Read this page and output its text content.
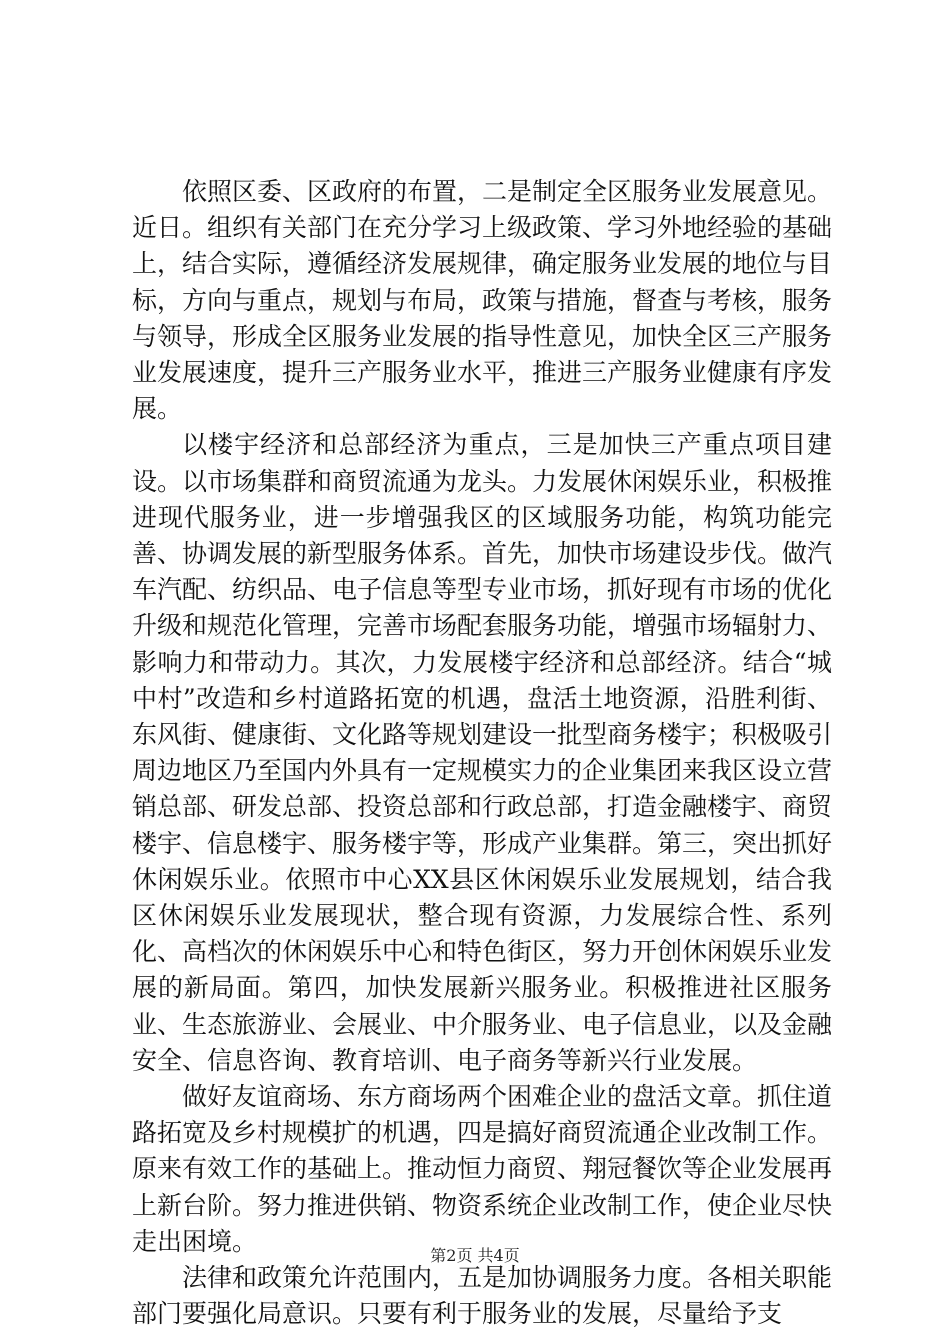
依照区委、区政府的布置，二是制定全区服务业发展意见。近日。组织有关部门在充分学习上级政策、学习外地经验的基础上，结合实际，遵循经济发展规律，确定服务业发展的地位与目标，方向与重点，规划与布局，政策与措施，督查与考核，服务与领导，形成全区服务业发展的指导性意见，加快全区三产服务业发展速度，提升三产服务业水平，推进三产服务业健康有序发展。

以楼宇经济和总部经济为重点，三是加快三产重点项目建设。以市场集群和商贸流通为龙头。力发展休闲娱乐业，积极推进现代服务业，进一步增强我区的区域服务功能，构筑功能完善、协调发展的新型服务体系。首先，加快市场建设步伐。做汽车汽配、纺织品、电子信息等型专业市场，抓好现有市场的优化升级和规范化管理，完善市场配套服务功能，增强市场辐射力、影响力和带动力。其次，力发展楼宇经济和总部经济。结合“城中村”改造和乡村道路拓宽的机遇，盘活土地资源，沿胜利街、东风街、健康街、文化路等规划建设一批型商务楼宇；积极吸引周边地区乃至国内外具有一定规模实力的企业集团来我区设立营销总部、研发总部、投资总部和行政总部，打造金融楼宇、商贸楼宇、信息楼宇、服务楼宇等，形成产业集群。第三，突出抓好休闲娱乐业。依照市中心XX县区休闲娱乐业发展规划，结合我区休闲娱乐业发展现状，整合现有资源，力发展综合性、系列化、高档次的休闲娱乐中心和特色街区，努力开创休闲娱乐业发展的新局面。第四，加快发展新兴服务业。积极推进社区服务业、生态旅游业、会展业、中介服务业、电子信息业，以及金融安全、信息咨询、教育培训、电子商务等新兴行业发展。

做好友谊商场、东方商场两个困难企业的盘活文章。抓住道路拓宽及乡村规模扩的机遇，四是搞好商贸流通企业改制工作。原来有效工作的基础上。推动恒力商贸、翔冠餐饮等企业发展再上新台阶。努力推进供销、物资系统企业改制工作，使企业尽快走出困境。

法律和政策允许范围内，五是加协调服务力度。各相关职能部门要强化局意识。只要有利于服务业的发展，尽量给予支

第2页 共4页
